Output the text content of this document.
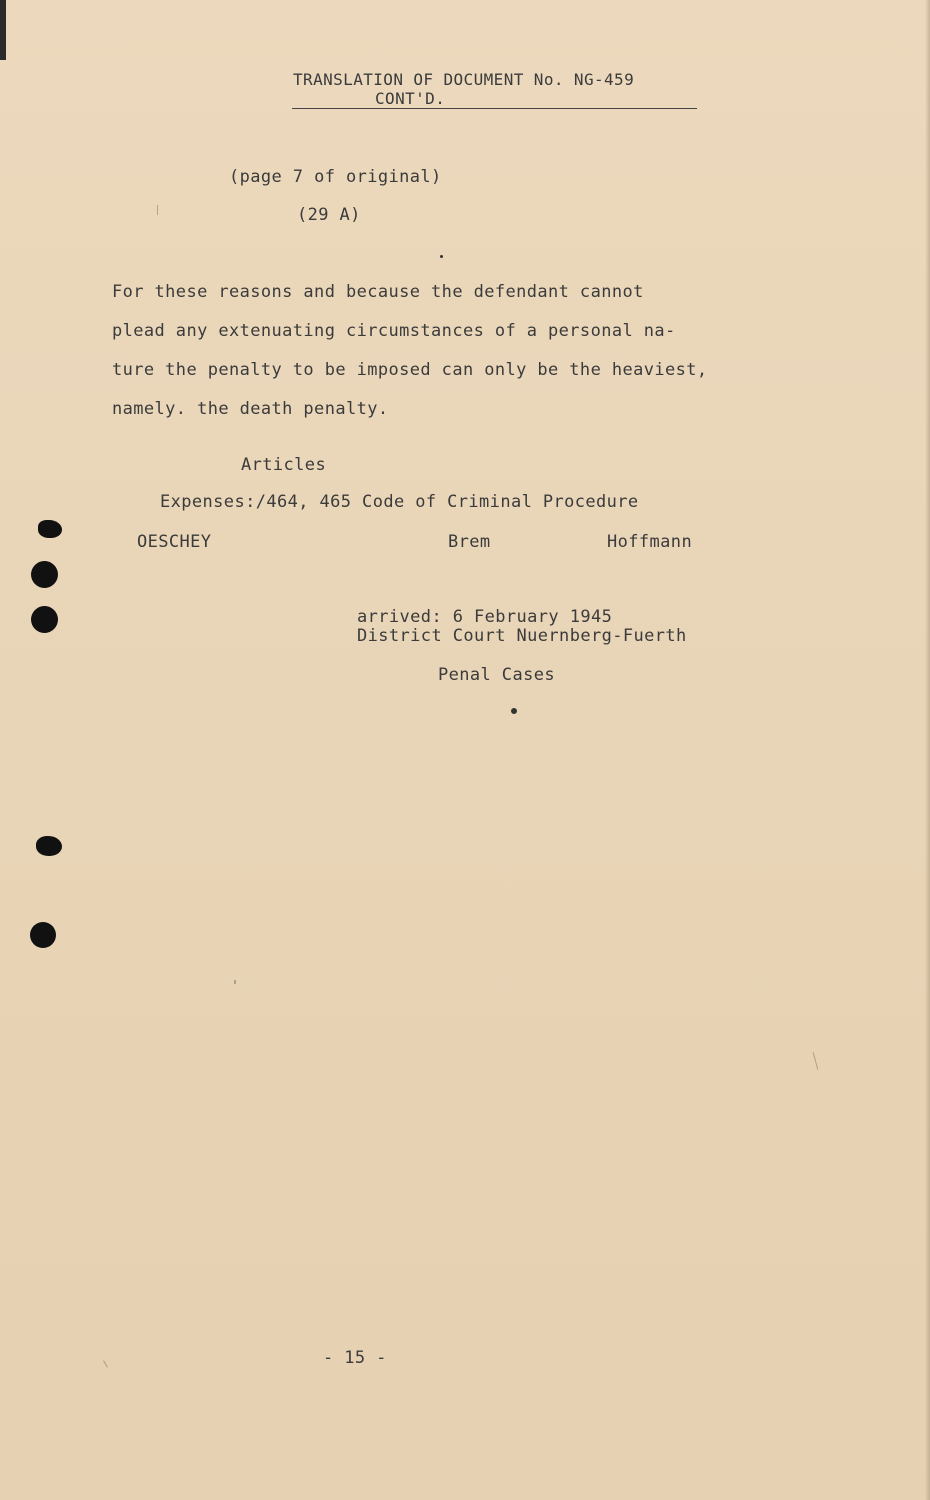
TRANSLATION OF DOCUMENT No. NG-459
CONT'D.
(page 7 of original)
(29 A)
For these reasons and because the defendant cannot
plead any extenuating circumstances of a personal na-
ture the penalty to be imposed can only be the heaviest,
namely. the death penalty.
Articles
Expenses:/464, 465 Code of Criminal Procedure
OESCHEY	Brem	Hoffmann
arrived: 6 February 1945
District Court Nuernberg-Fuerth
Penal Cases
- 15 -
